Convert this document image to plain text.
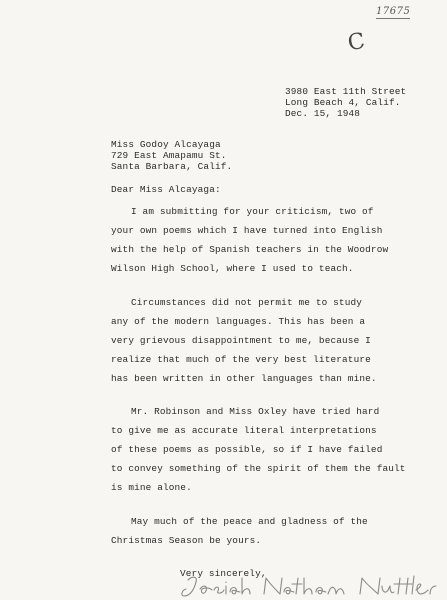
17675
C
3980 East 11th Street
Long Beach 4, Calif.
Dec. 15, 1948
Miss Godoy Alcayaga
729 East Amapamu St.
Santa Barbara, Calif.
Dear Miss Alcayaga:
I am submitting for your criticism, two of
your own poems which I have turned into English
with the help of Spanish teachers in the Woodrow
Wilson High School, where I used to teach.
Circumstances did not permit me to study
any of the modern languages. This has been a
very grievous disappointment to me, because I
realize that much of the very best literature
has been written in other languages than mine.
Mr. Robinson and Miss Oxley have tried hard
to give me as accurate literal interpretations
of these poems as possible, so if I have failed
to convey something of the spirit of them the fault
is mine alone.
May much of the peace and gladness of the
Christmas Season be yours.
Very sincerely,
